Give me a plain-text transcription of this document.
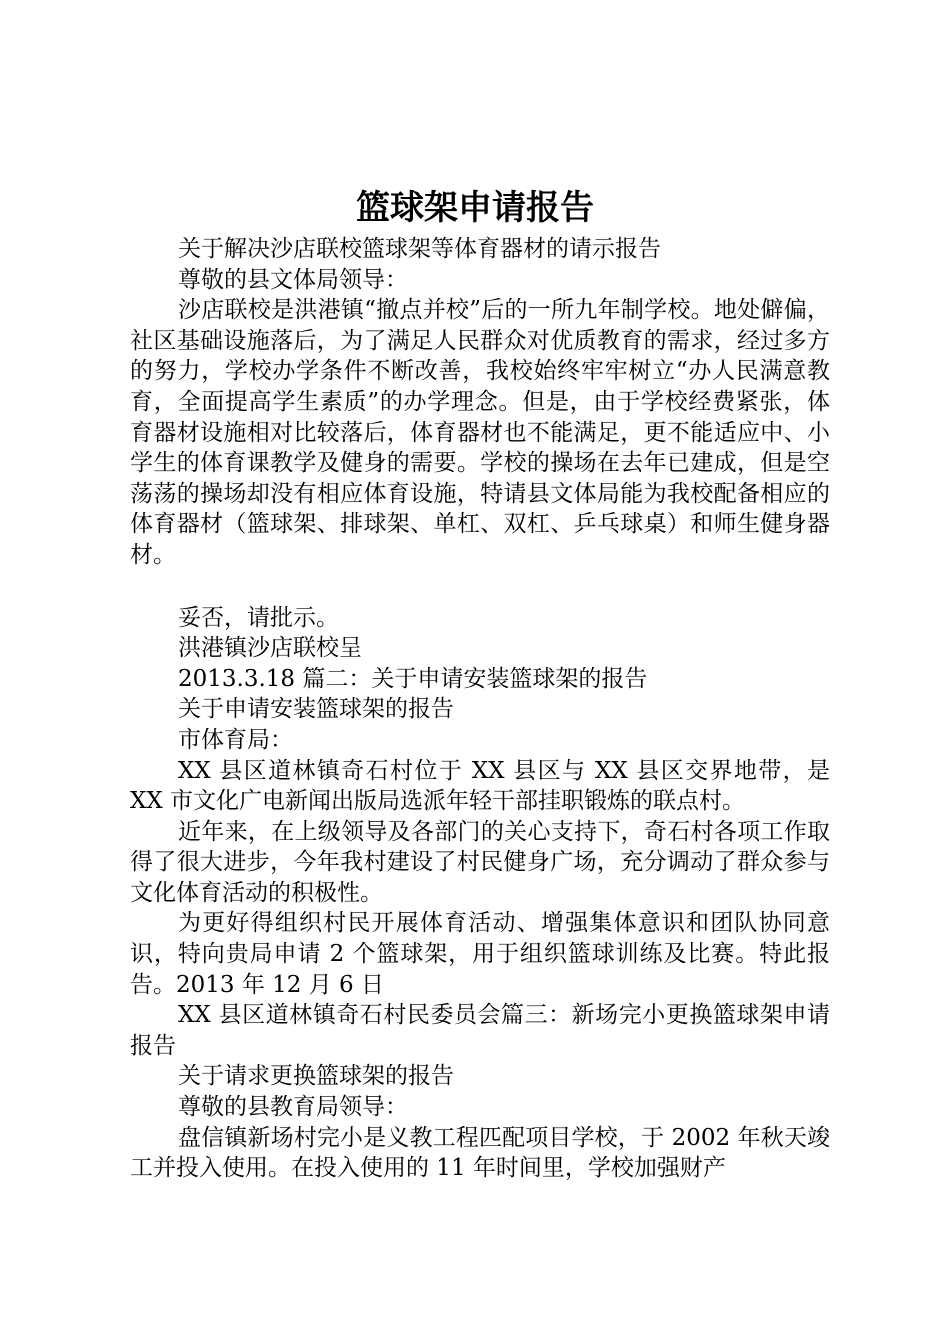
篮球架申请报告

关于解决沙店联校篮球架等体育器材的请示报告

尊敬的县文体局领导：

沙店联校是洪港镇“撤点并校”后的一所九年制学校。地处僻偏，社区基础设施落后，为了满足人民群众对优质教育的需求，经过多方的努力，学校办学条件不断改善，我校始终牢牢树立“办人民满意教育，全面提高学生素质”的办学理念。但是，由于学校经费紧张，体育器材设施相对比较落后，体育器材也不能满足，更不能适应中、小学生的体育课教学及健身的需要。学校的操场在去年已建成，但是空荡荡的操场却没有相应体育设施，特请县文体局能为我校配备相应的体育器材（篮球架、排球架、单杠、双杠、乒乓球桌）和师生健身器材。

妥否，请批示。

洪港镇沙店联校呈

2013.3.18 篇二：关于申请安装篮球架的报告

关于申请安装篮球架的报告

市体育局：

XX 县区道林镇奇石村位于 XX 县区与 XX 县区交界地带，是 XX 市文化广电新闻出版局选派年轻干部挂职锻炼的联点村。

近年来，在上级领导及各部门的关心支持下，奇石村各项工作取得了很大进步，今年我村建设了村民健身广场，充分调动了群众参与文化体育活动的积极性。

为更好得组织村民开展体育活动、增强集体意识和团队协同意识，特向贵局申请 2 个篮球架，用于组织篮球训练及比赛。特此报告。2013 年 12 月 6 日

XX 县区道林镇奇石村民委员会篇三：新场完小更换篮球架申请报告

关于请求更换篮球架的报告

尊敬的县教育局领导：

盘信镇新场村完小是义教工程匹配项目学校，于 2002 年秋天竣工并投入使用。在投入使用的 11 年时间里，学校加强财产
